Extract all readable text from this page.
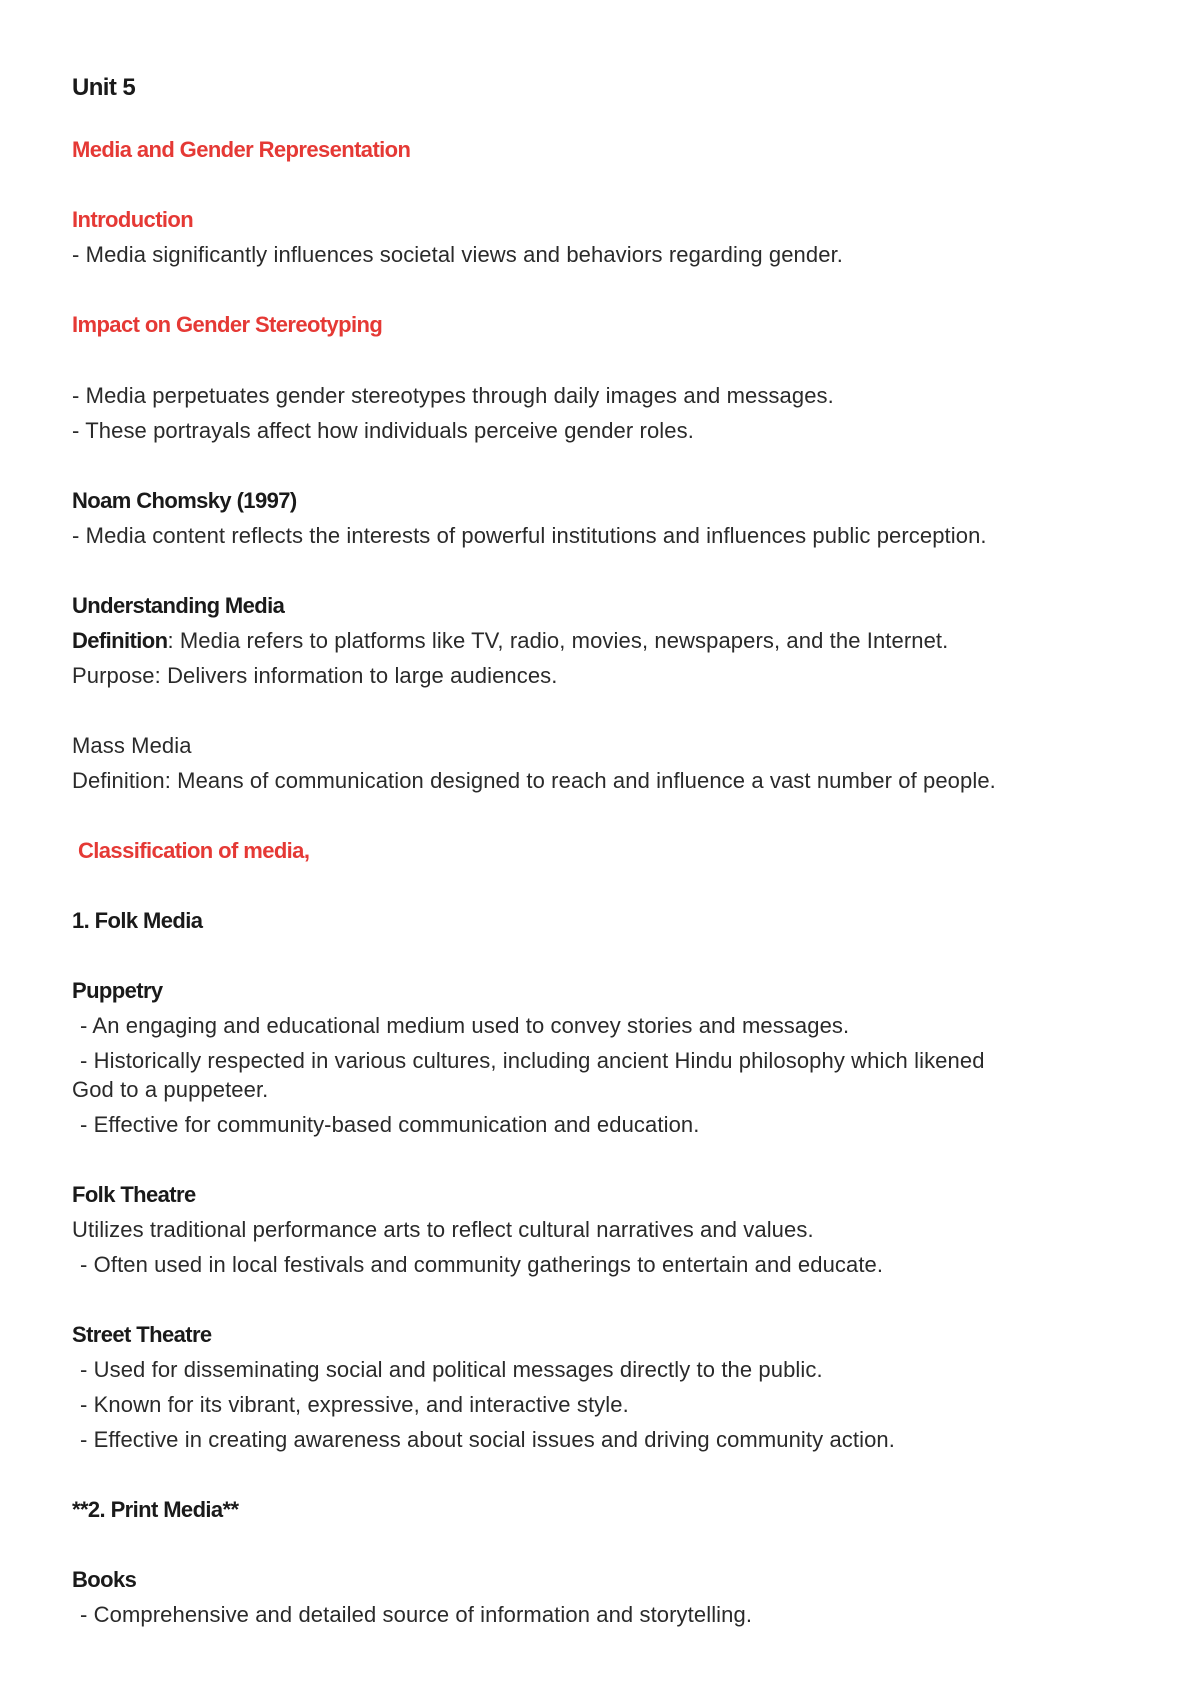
Unit 5

Media and Gender Representation

Introduction

- Media significantly influences societal views and behaviors regarding gender.

Impact on Gender Stereotyping

- Media perpetuates gender stereotypes through daily images and messages.

- These portrayals affect how individuals perceive gender roles.

Noam Chomsky (1997)

- Media content reflects the interests of powerful institutions and influences public perception.

Understanding Media

Definition: Media refers to platforms like TV, radio, movies, newspapers, and the Internet.

Purpose: Delivers information to large audiences.

Mass Media

Definition: Means of communication designed to reach and influence a vast number of people.

Classification of media,

1. Folk Media

Puppetry

- An engaging and educational medium used to convey stories and messages.

- Historically respected in various cultures, including ancient Hindu philosophy which likened

God to a puppeteer.

- Effective for community-based communication and education.

Folk Theatre

Utilizes traditional performance arts to reflect cultural narratives and values.

- Often used in local festivals and community gatherings to entertain and educate.

Street Theatre

- Used for disseminating social and political messages directly to the public.

- Known for its vibrant, expressive, and interactive style.

- Effective in creating awareness about social issues and driving community action.

**2. Print Media**

Books

- Comprehensive and detailed source of information and storytelling.
